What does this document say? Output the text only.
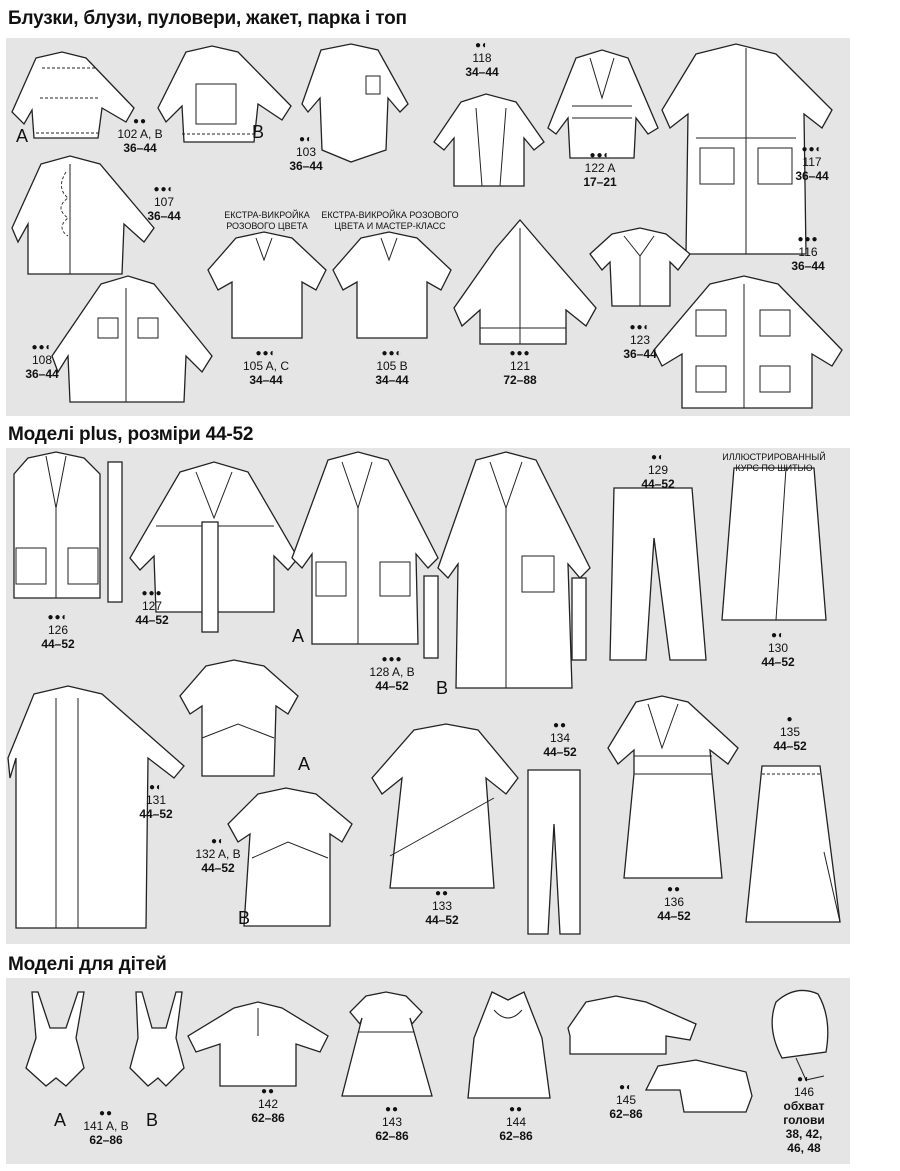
Блузки, блузи, пуловери, жакет, парка і топ
A	B
ЕКСТРА-ВИКРОЙКА
РОЗОВОГО ЦВЕТА
ЕКСТРА-ВИКРОЙКА РОЗОВОГО
ЦВЕТА И МАСТЕР-КЛАСС
●●
102 A, B
36–44
●◐
103
36–44
●◐
118
34–44
●●◐
122 A
17–21
●●◐
117
36–44
●●◐
107
36–44
●●●
116
36–44
●●◐
108
36–44
●●◐
105 A, C
34–44
●●◐
105 B
34–44
●●●
121
72–88
●●◐
123
36–44
Моделі plus, розміри 44-52
A
B
A
B
ИЛЛЮСТРИРОВАННЫЙ
КУРС ПО ШИТЬЮ
●●◐
126
44–52
●●●
127
44–52
●●●
128 A, B
44–52
●◐
129
44–52
●◐
130
44–52
●◐
131
44–52
●◐
132 A, B
44–52
●●
133
44–52
●●
134
44–52
●●
136
44–52
●
135
44–52
Моделі для дітей
A	B
●●
141 A, B
62–86
●●
142
62–86
●●
143
62–86
●●
144
62–86
●◐
145
62–86
●◐
146
обхват
голови
38, 42,
46, 48
